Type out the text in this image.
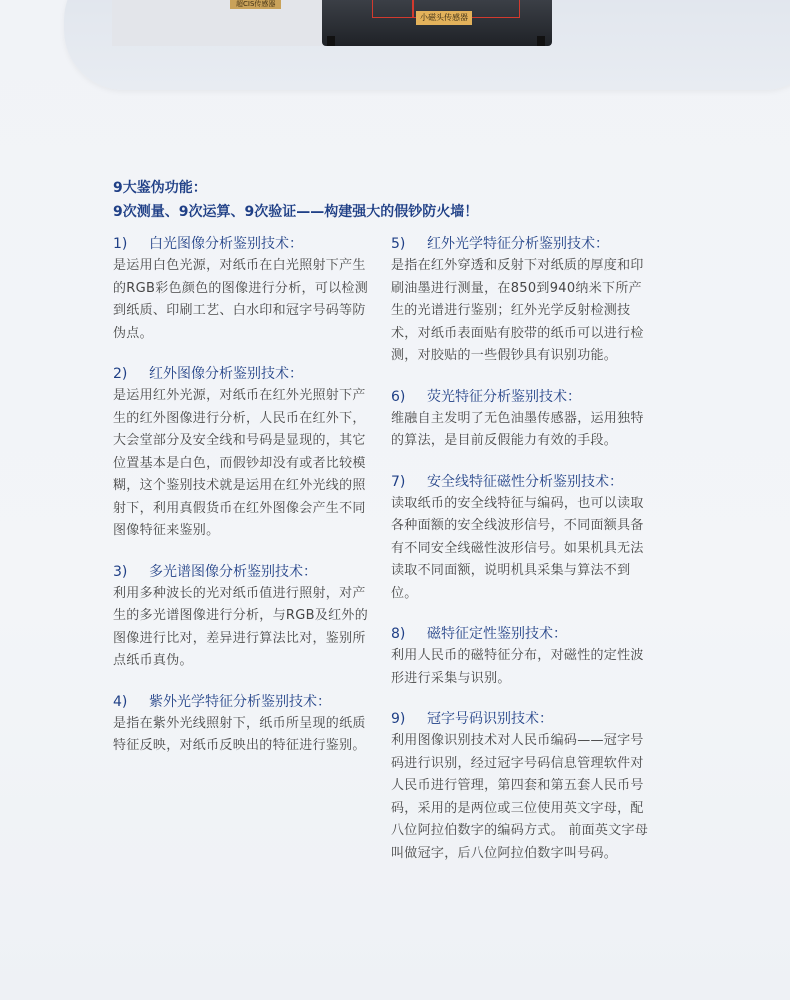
超CIS传感器
小磁头传感器
9大鉴伪功能：
9次测量、9次运算、9次验证——构建强大的假钞防火墙！
1) 白光图像分析鉴别技术：
是运用白色光源，对纸币在白光照射下产生的RGB彩色颜色的图像进行分析，可以检测到纸质、印刷工艺、白水印和冠字号码等防伪点。
2) 红外图像分析鉴别技术：
是运用红外光源，对纸币在红外光照射下产生的红外图像进行分析，人民币在红外下，大会堂部分及安全线和号码是显现的，其它位置基本是白色，而假钞却没有或者比较模糊，这个鉴别技术就是运用在红外光线的照射下，利用真假货币在红外图像会产生不同图像特征来鉴别。
3) 多光谱图像分析鉴别技术：
利用多种波长的光对纸币值进行照射，对产生的多光谱图像进行分析，与RGB及红外的图像进行比对，差异进行算法比对，鉴别所点纸币真伪。
4) 紫外光学特征分析鉴别技术：
是指在紫外光线照射下，纸币所呈现的纸质特征反映，对纸币反映出的特征进行鉴别。
5) 红外光学特征分析鉴别技术：
是指在红外穿透和反射下对纸质的厚度和印刷油墨进行测量，在850到940纳米下所产生的光谱进行鉴别；红外光学反射检测技术，对纸币表面贴有胶带的纸币可以进行检测，对胶贴的一些假钞具有识别功能。
6) 荧光特征分析鉴别技术：
维融自主发明了无色油墨传感器，运用独特的算法，是目前反假能力有效的手段。
7) 安全线特征磁性分析鉴别技术：
读取纸币的安全线特征与编码，也可以读取各种面额的安全线波形信号，不同面额具备有不同安全线磁性波形信号。如果机具无法读取不同面额，说明机具采集与算法不到位。
8) 磁特征定性鉴别技术：
利用人民币的磁特征分布，对磁性的定性波形进行采集与识别。
9) 冠字号码识别技术：
利用图像识别技术对人民币编码——冠字号码进行识别，经过冠字号码信息管理软件对人民币进行管理，第四套和第五套人民币号码，采用的是两位或三位使用英文字母，配八位阿拉伯数字的编码方式。 前面英文字母叫做冠字，后八位阿拉伯数字叫号码。
